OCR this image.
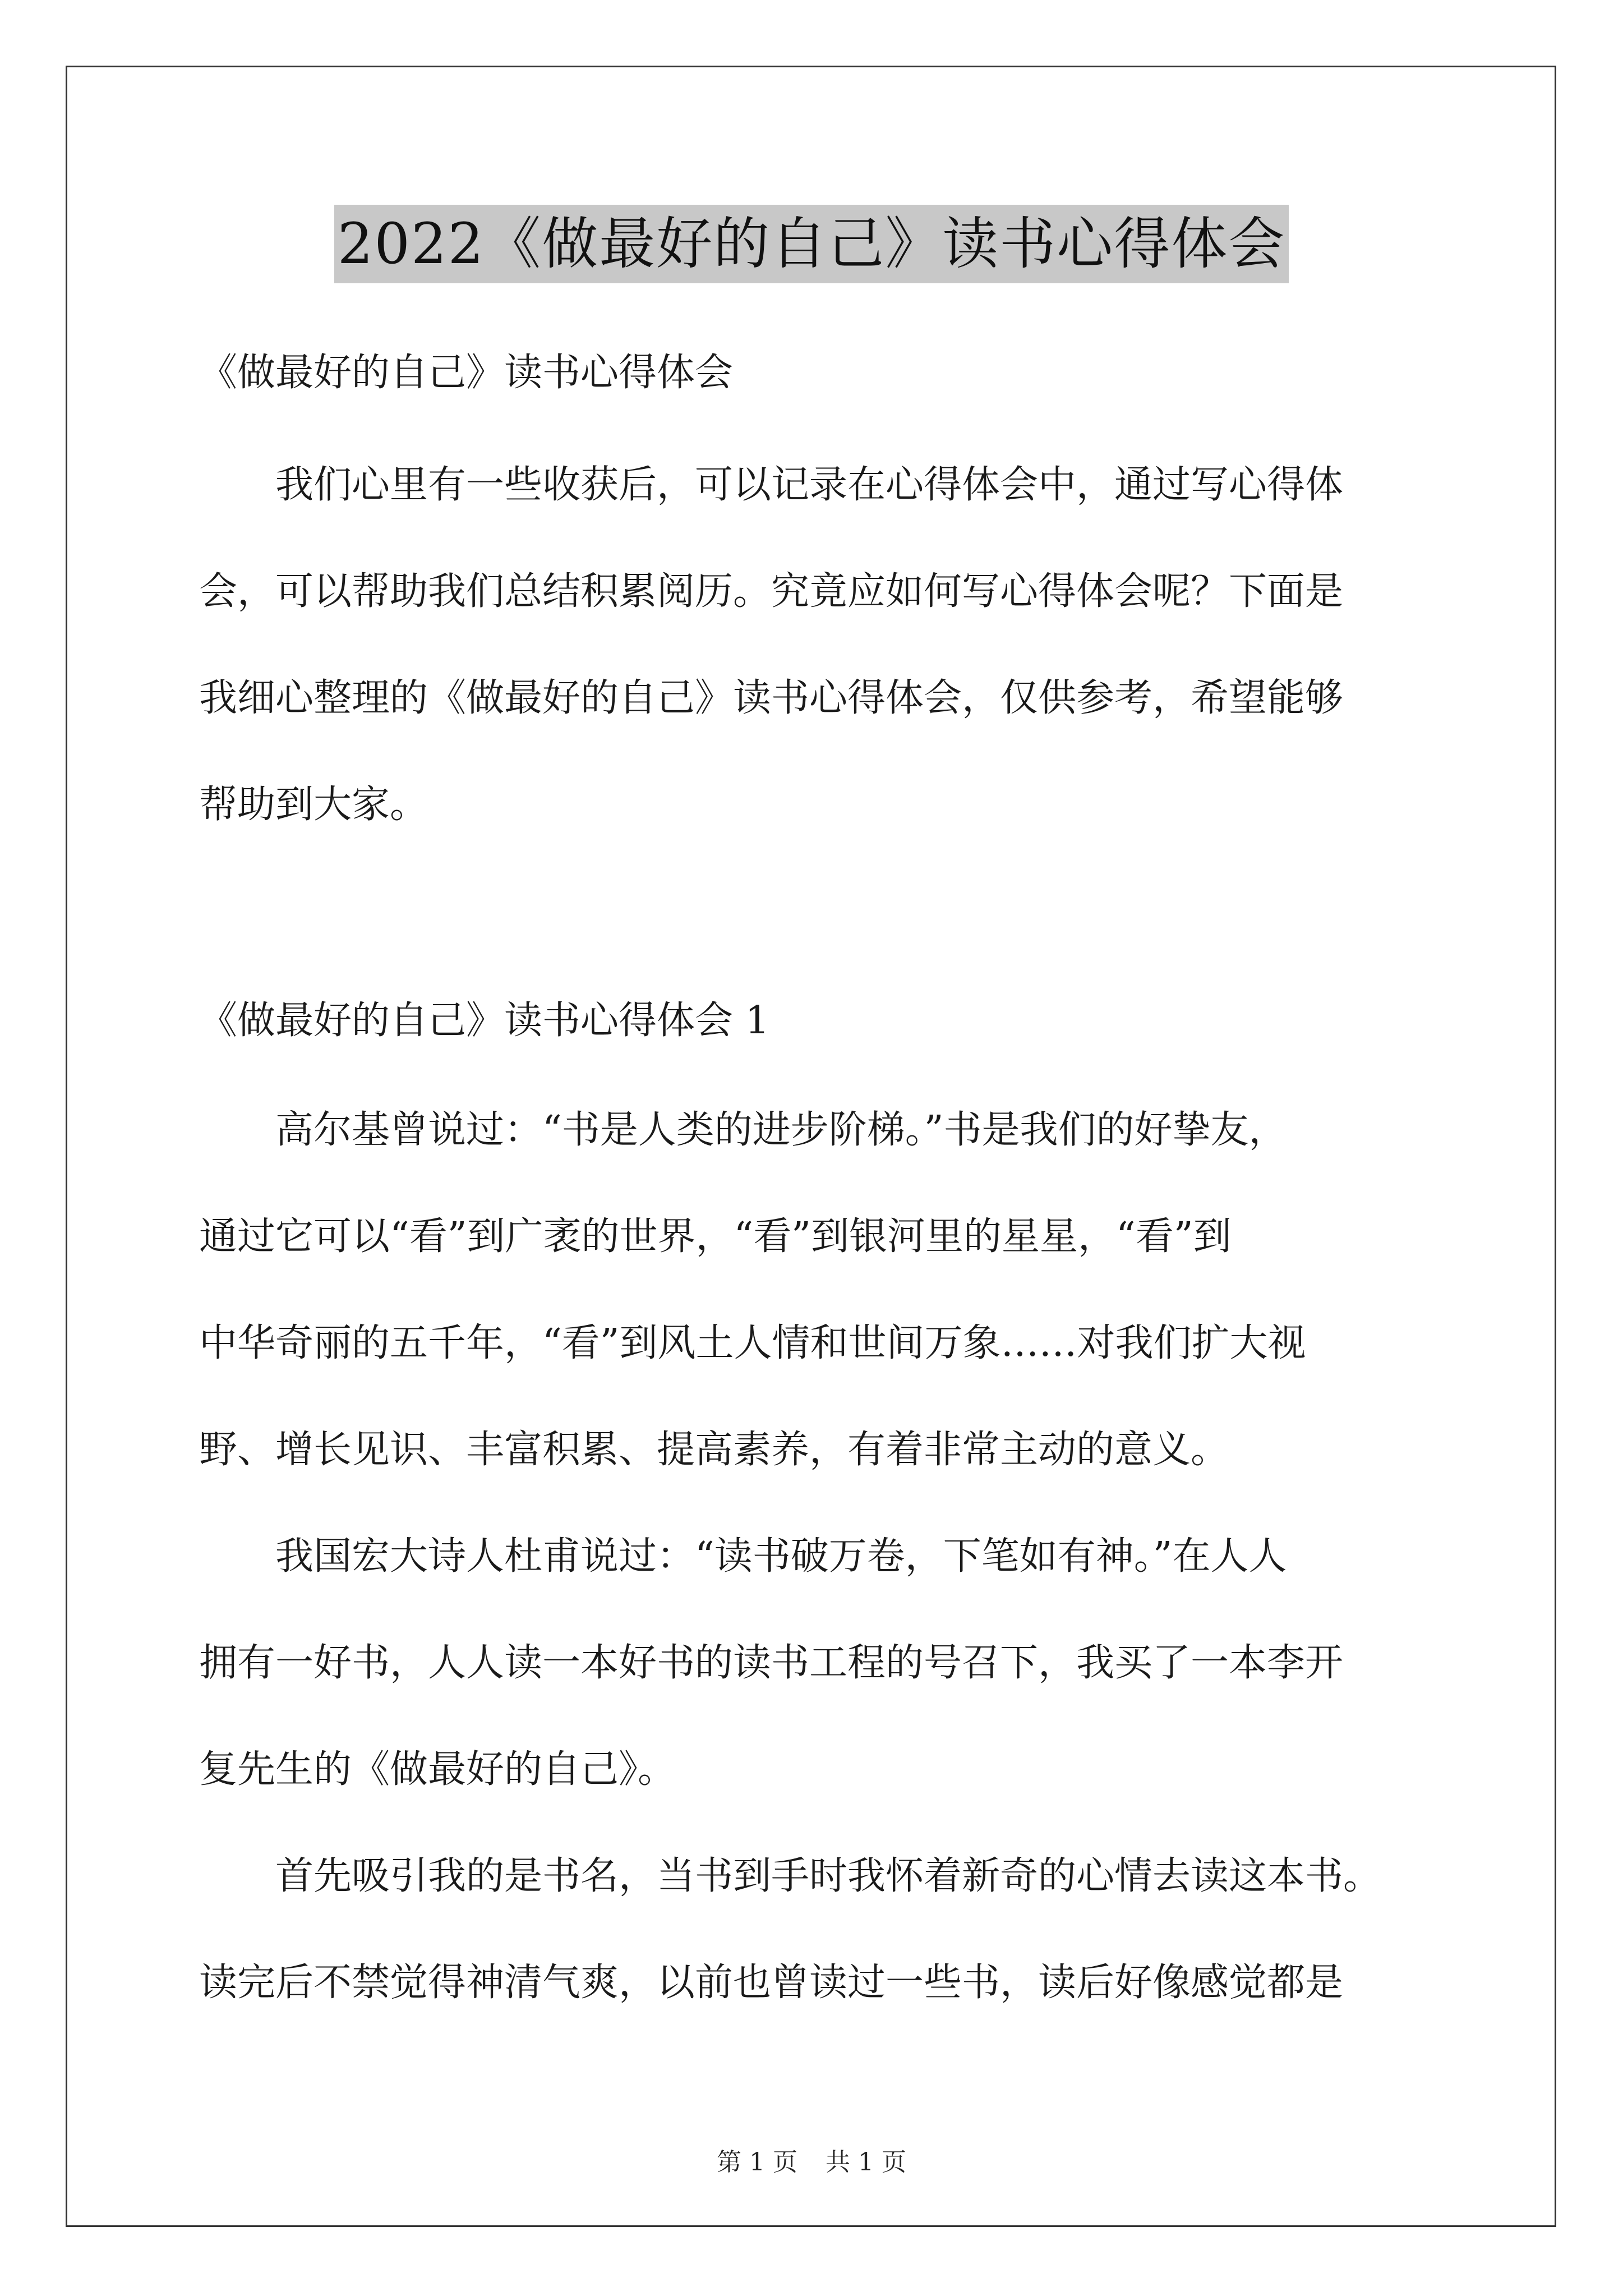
2022《做最好的自己》读书心得体会
《做最好的自己》读书心得体会
　　我们心里有一些收获后，可以记录在心得体会中，通过写心得体
会，可以帮助我们总结积累阅历。究竟应如何写心得体会呢？下面是
我细心整理的《做最好的自己》读书心得体会，仅供参考，希望能够
帮助到大家。
《做最好的自己》读书心得体会 1
　　高尔基曾说过：“书是人类的进步阶梯。”书是我们的好挚友，
通过它可以“看”到广袤的世界，“看”到银河里的星星，“看”到
中华奇丽的五千年，“看”到风土人情和世间万象……对我们扩大视
野、增长见识、丰富积累、提高素养，有着非常主动的意义。
　　我国宏大诗人杜甫说过：“读书破万卷，下笔如有神。”在人人
拥有一好书，人人读一本好书的读书工程的号召下，我买了一本李开
复先生的《做最好的自己》。
　　首先吸引我的是书名，当书到手时我怀着新奇的心情去读这本书。
读完后不禁觉得神清气爽，以前也曾读过一些书，读后好像感觉都是
第 1 页 共 1 页
